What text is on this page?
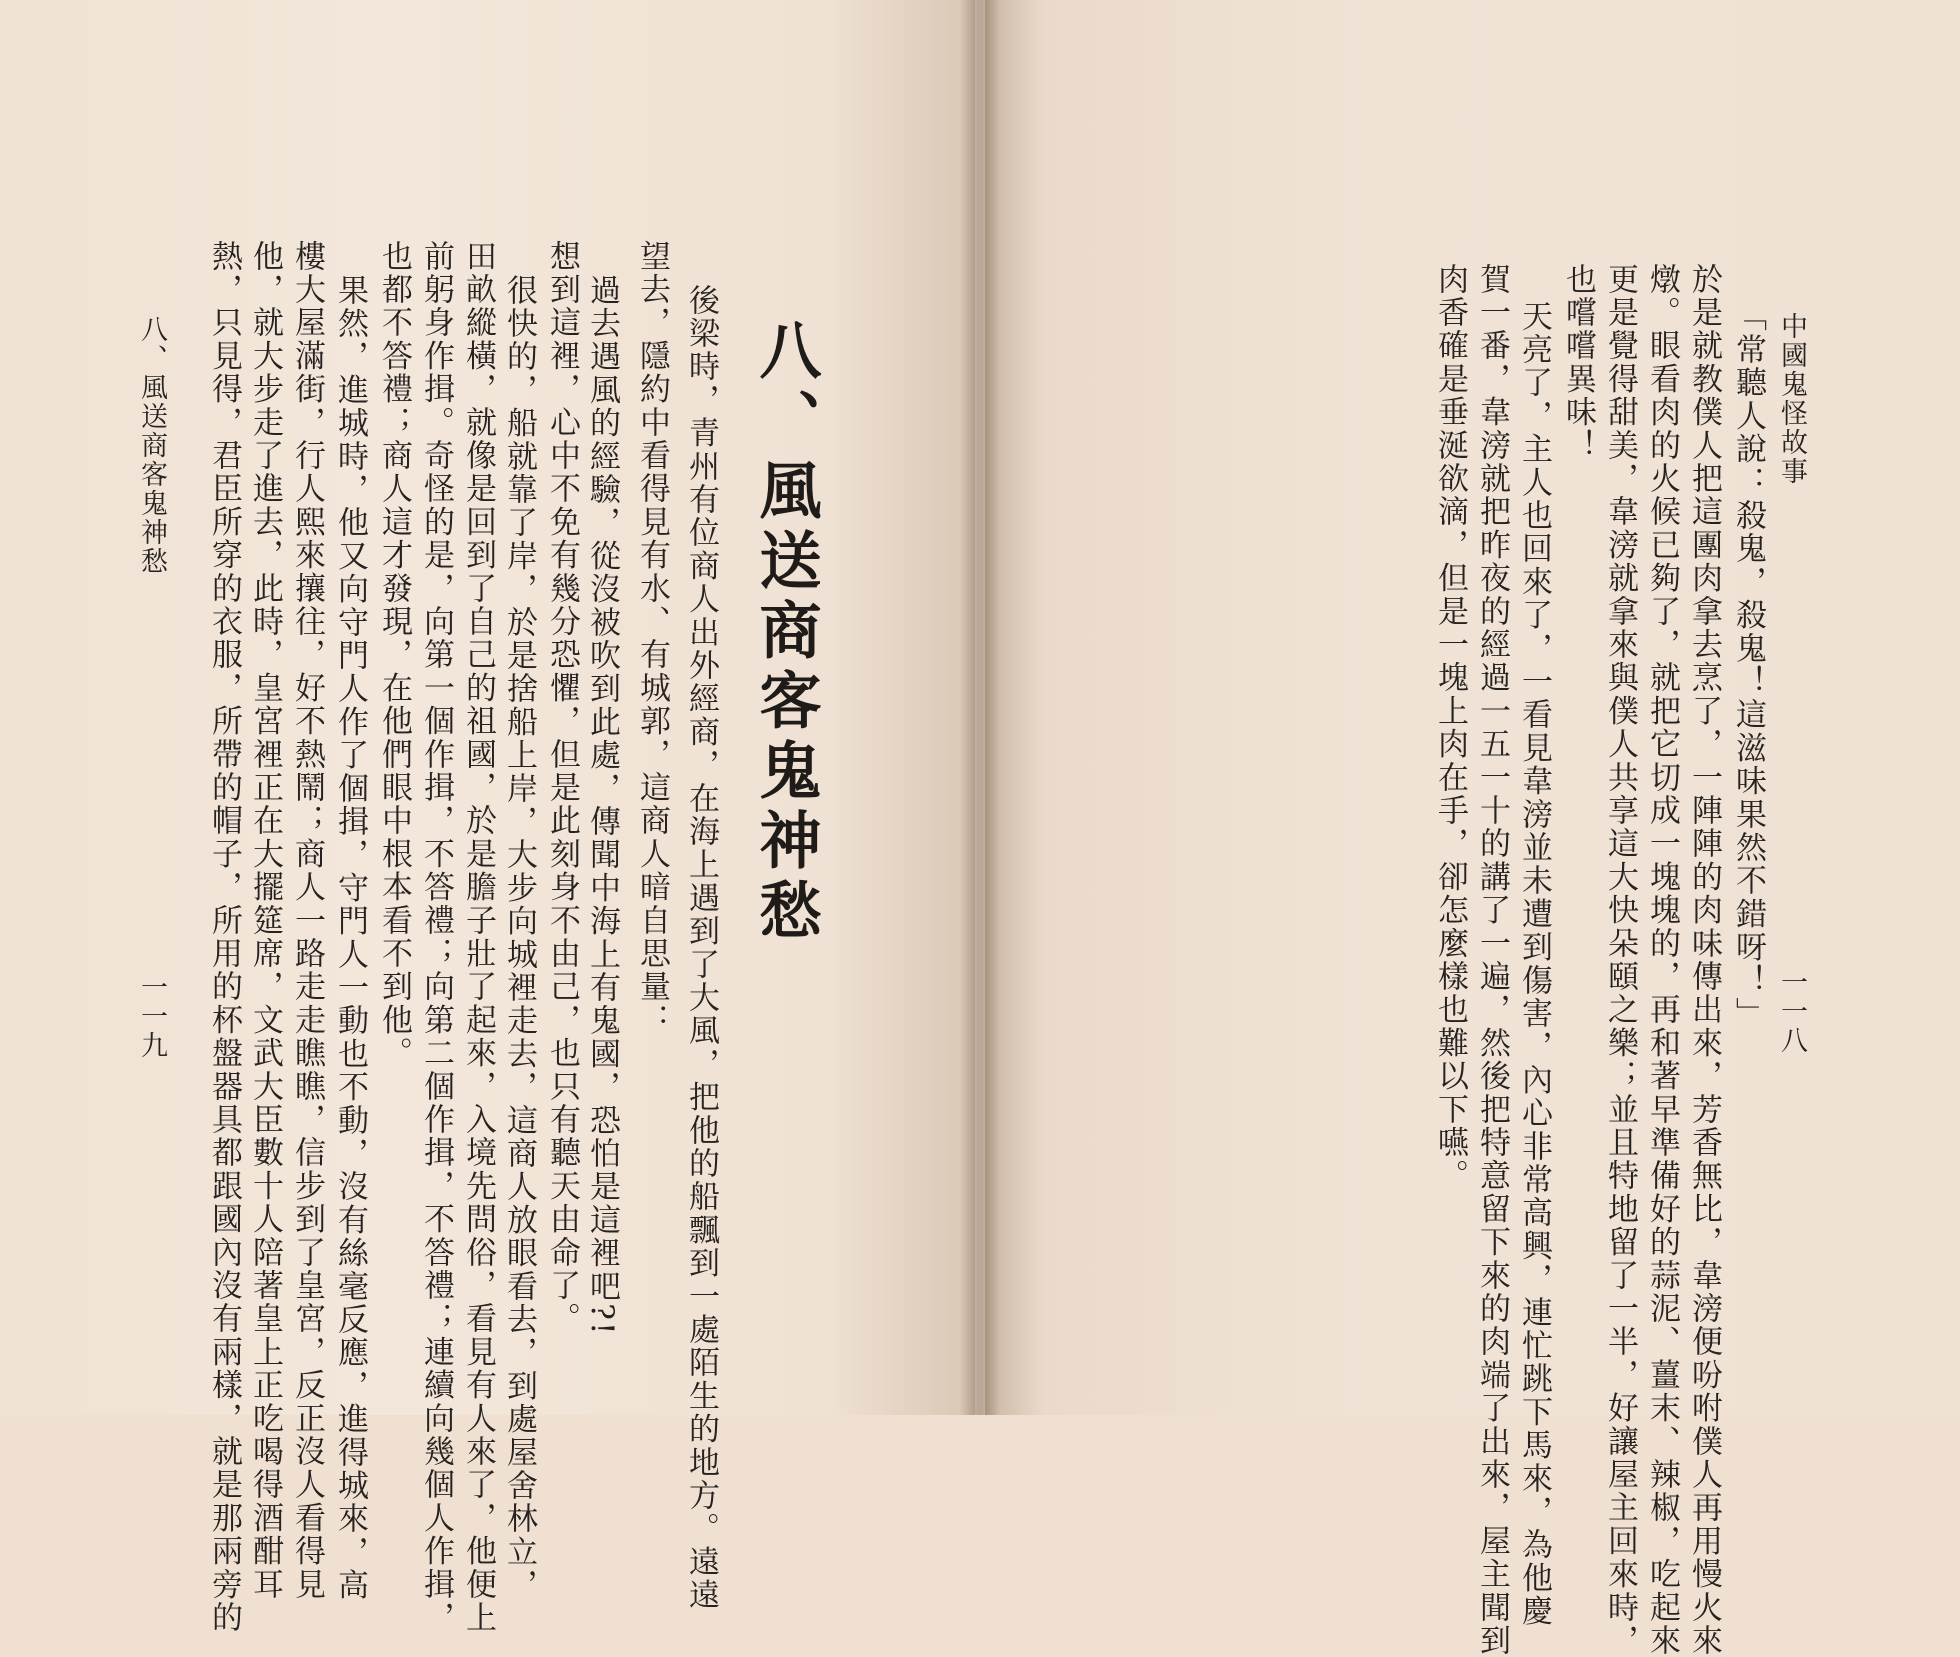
八、風送商客鬼神愁
後梁時，青州有位商人出外經商，在海上遇到了大風，把他的船飄到一處陌生的地方。遠遠
望去，隱約中看得見有水、有城郭，這商人暗自思量：
過去遇風的經驗，從沒被吹到此處，傳聞中海上有鬼國，恐怕是這裡吧?!
想到這裡，心中不免有幾分恐懼，但是此刻身不由己，也只有聽天由命了。
很快的，船就靠了岸，於是捨船上岸，大步向城裡走去，這商人放眼看去，到處屋舍林立，
田畝縱橫，就像是回到了自己的祖國，於是膽子壯了起來，入境先問俗，看見有人來了，他便上
前躬身作揖。奇怪的是，向第一個作揖，不答禮；向第二個作揖，不答禮；連續向幾個人作揖，
也都不答禮；商人這才發現，在他們眼中根本看不到他。
果然，進城時，他又向守門人作了個揖，守門人一動也不動，沒有絲毫反應，進得城來，高
樓大屋滿街，行人熙來攘往，好不熱鬧；商人一路走走瞧瞧，信步到了皇宮，反正沒人看得見
他，就大步走了進去，此時，皇宮裡正在大擺筵席，文武大臣數十人陪著皇上正吃喝得酒酣耳
熱，只見得，君臣所穿的衣服，所帶的帽子，所用的杯盤器具都跟國內沒有兩樣，就是那兩旁的
八、風送商客鬼神愁
一一九
中國鬼怪故事
一一八
「常聽人說：殺鬼，殺鬼！這滋味果然不錯呀！」
於是就教僕人把這團肉拿去烹了，一陣陣的肉味傳出來，芳香無比，韋滂便吩咐僕人再用慢火來
燉。眼看肉的火候已夠了，就把它切成一塊塊的，再和著早準備好的蒜泥、薑末、辣椒，吃起來
更是覺得甜美，韋滂就拿來與僕人共享這大快朵頤之樂；並且特地留了一半，好讓屋主回來時，
也嚐嚐異味！
天亮了，主人也回來了，一看見韋滂並未遭到傷害，內心非常高興，連忙跳下馬來，為他慶
賀一番，韋滂就把昨夜的經過一五一十的講了一遍，然後把特意留下來的肉端了出來，屋主聞到
肉香確是垂涎欲滴，但是一塊上肉在手，卻怎麼樣也難以下嚥。
